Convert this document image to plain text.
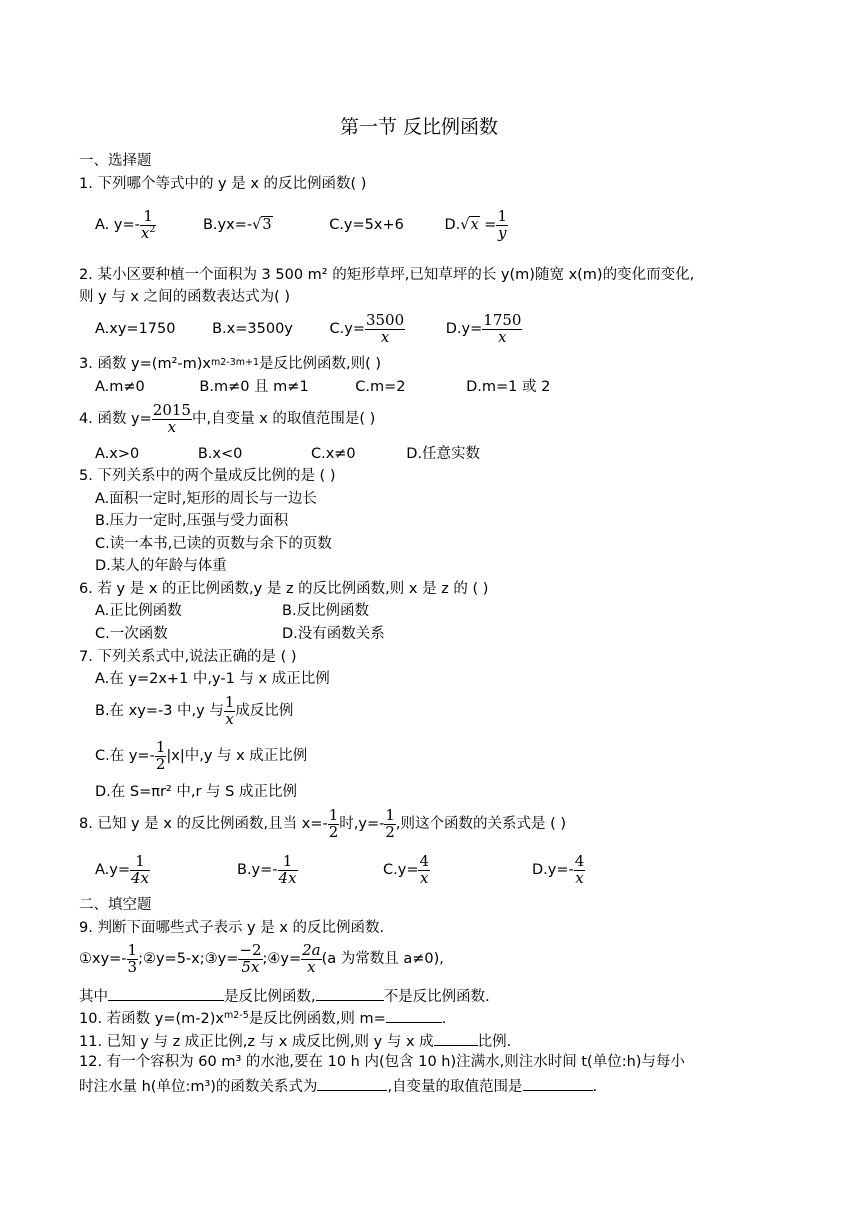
第一节 反比例函数
一、选择题
1. 下列哪个等式中的 y 是 x 的反比例函数( )
A. $y=- \frac{1}{x^2}$	B.yx=-√3	C.y=5x+6	$D.√x = \frac{1}{y}$
2. 某小区要种植一个面积为 3 500 m² 的矩形草坪,已知草坪的长 y(m)随宽 x(m)的变化而变化,
则 y 与 x 之间的函数表达式为( )
A.xy=1750	B.x=3500y	$C.y= \frac{3500}{x}$	$D.y= \frac{1750}{x}$
3. 函数 $y=(m^2-m)x^{m2-3m+1}$是反比例函数,则( )
A.m≠0	B.m≠0 且 m≠1	C.m=2	D.m=1 或 2
4. 函数 $y= \frac{2015}{x}$ 中,自变量 x 的取值范围是( )
A.x>0	B.x<0	C.x≠0	D.任意实数
5. 下列关系中的两个量成反比例的是 ( )
A.面积一定时,矩形的周长与一边长
B.压力一定时,压强与受力面积
C.读一本书,已读的页数与余下的页数
D.某人的年龄与体重
6. 若 y 是 x 的正比例函数,y 是 z 的反比例函数,则 x 是 z 的 ( )
A.正比例函数	B.反比例函数
C.一次函数	D.没有函数关系
7. 下列关系式中,说法正确的是 ( )
A.在 y=2x+1 中,y-1 与 x 成正比例
B.在 xy=-3 中,y 与 $\frac{1}{x}$ 成反比例
C.在 $y=- \frac{1}{2} |x|$中,y 与 x 成正比例
D.在 S=πr² 中,r 与 S 成正比例
8. 已知 y 是 x 的反比例函数,且当 $x=- \frac{1}{2}$ 时$,y=- \frac{1}{2}$ ,则这个函数的关系式是 ( )
$A.y= \frac{1}{4x}$	$B.y=- \frac{1}{4x}$	$C.y= \frac{4}{x}$	$D.y=- \frac{4}{x}$
二、填空题
9. 判断下面哪些式子表示 y 是 x 的反比例函数.
①xy=- $\frac{1}{3}$ ;②y=5-x;③y= $\frac{-2}{5x}$ ;④y= $\frac{2a}{x} (a$ 为常数且 a≠0),
其中	是反比例函数,	不是反比例函数.
10. 若函数 $y=(m-2)x^{m2-5}$是反比例函数,则 m=	.
11. 已知 y 与 z 成正比例,z 与 x 成反比例,则 y 与 x 成	比例.
12. 有一个容积为 60 m³ 的水池,要在 10 h 内(包含 10 h)注满水,则注水时间 t(单位:h)与每小
时注水量 h(单位:m³)的函数关系式为	,自变量的取值范围是	.
